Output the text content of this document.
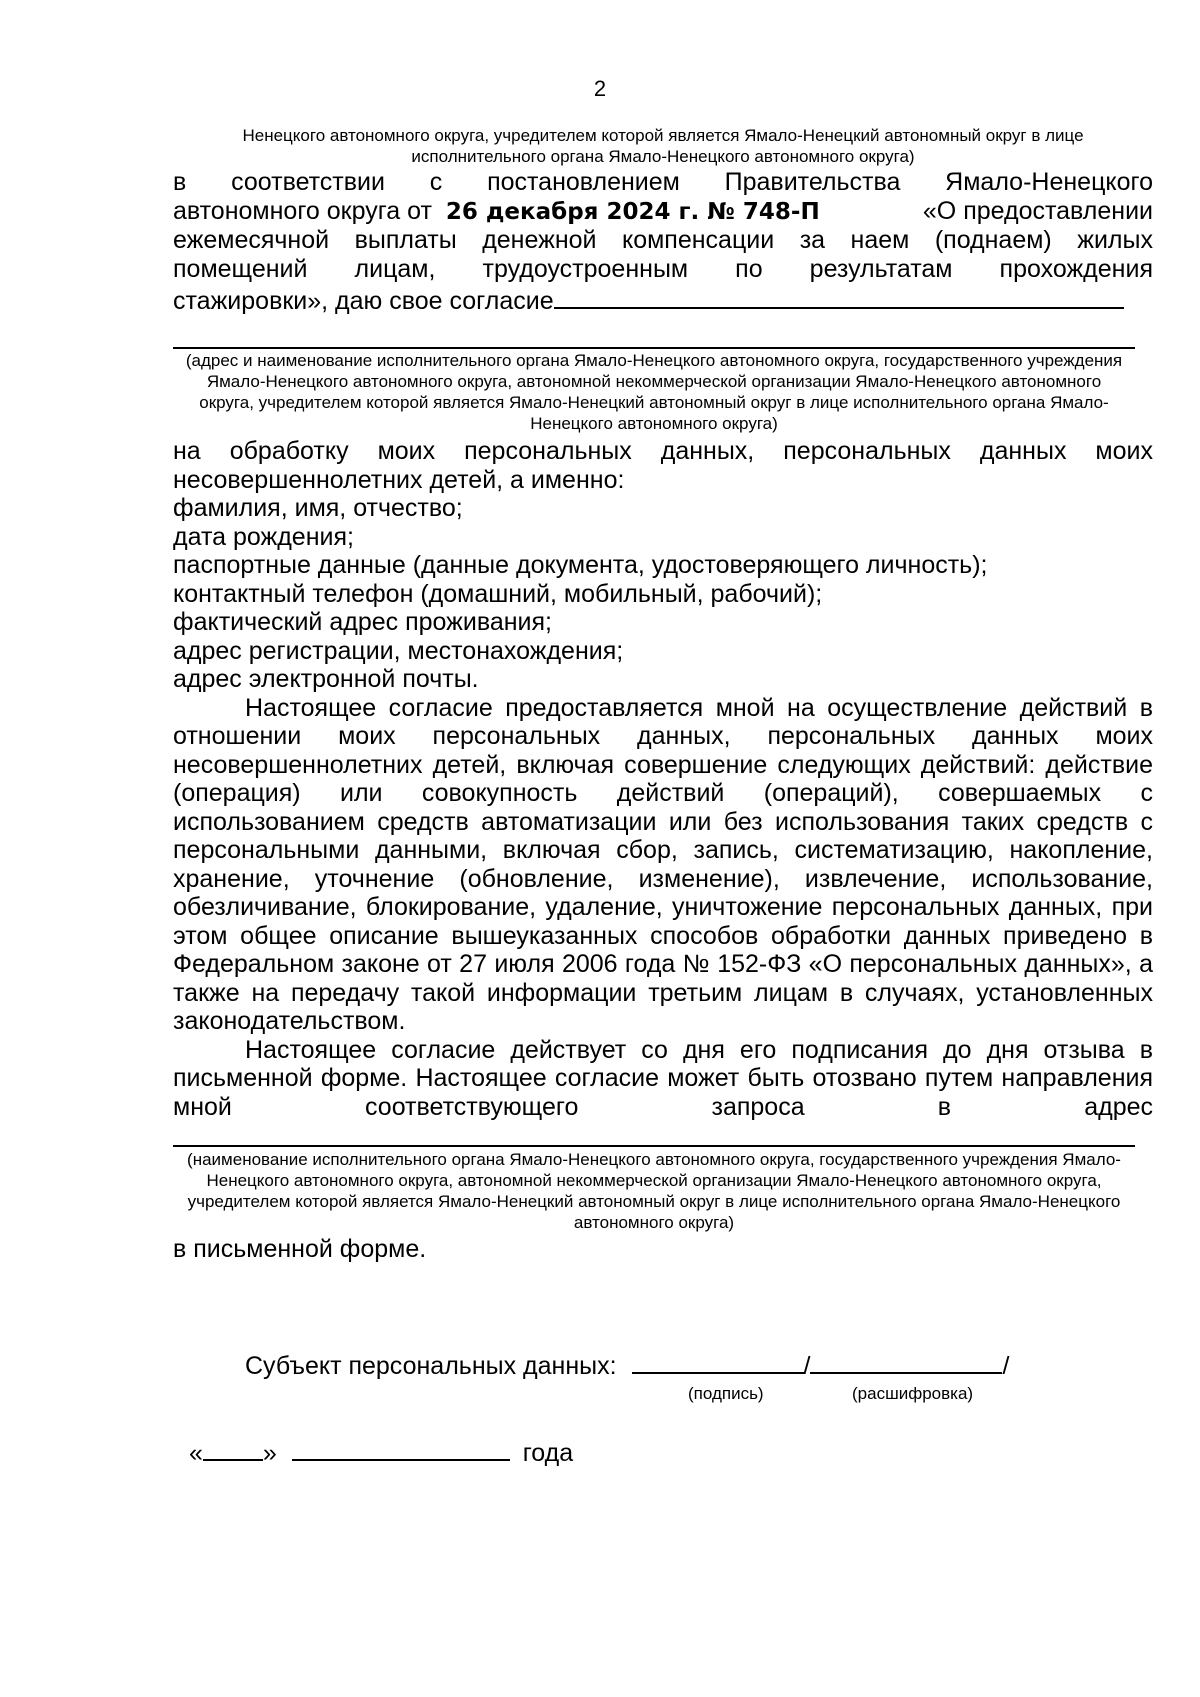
2
Ненецкого автономного округа, учредителем которой является Ямало-Ненецкий автономный округ в лице исполнительного органа Ямало-Ненецкого автономного округа)
в соответствии с постановлением Правительства Ямало-Ненецкого
автономного округа от 26 декабря 2024 г. № 748-П	«О предоставлении
ежемесячной выплаты денежной компенсации за наем (поднаем) жилых
помещений лицам, трудоустроенным по результатам прохождения
стажировки», даю свое согласие
(адрес и наименование исполнительного органа Ямало-Ненецкого автономного округа, государственного учреждения Ямало-Ненецкого автономного округа, автономной некоммерческой организации Ямало-Ненецкого автономного округа, учредителем которой является Ямало-Ненецкий автономный округ в лице исполнительного органа Ямало-Ненецкого автономного округа)
на обработку моих персональных данных, персональных данных моих несовершеннолетних детей, а именно:
фамилия, имя, отчество;
дата рождения;
паспортные данные (данные документа, удостоверяющего личность);
контактный телефон (домашний, мобильный, рабочий);
фактический адрес проживания;
адрес регистрации, местонахождения;
адрес электронной почты.
Настоящее согласие предоставляется мной на осуществление действий в отношении моих персональных данных, персональных данных моих несовершеннолетних детей, включая совершение следующих действий: действие (операция) или совокупность действий (операций), совершаемых с использованием средств автоматизации или без использования таких средств с персональными данными, включая сбор, запись, систематизацию, накопление, хранение, уточнение (обновление, изменение), извлечение, использование, обезличивание, блокирование, удаление, уничтожение персональных данных, при этом общее описание вышеуказанных способов обработки данных приведено в Федеральном законе от 27 июля 2006 года № 152-ФЗ «О персональных данных», а также на передачу такой информации третьим лицам в случаях, установленных законодательством.
Настоящее согласие действует со дня его подписания до дня отзыва в письменной форме. Настоящее согласие может быть отозвано путем направления мной соответствующего запроса в адрес
(наименование исполнительного органа Ямало-Ненецкого автономного округа, государственного учреждения Ямало-Ненецкого автономного округа, автономной некоммерческой организации Ямало-Ненецкого автономного округа, учредителем которой является Ямало-Ненецкий автономный округ в лице исполнительного органа Ямало-Ненецкого автономного округа)
в письменной форме.
Субъект персональных данных:	/	/
(подпись)	(расшифровка)
« »	года
